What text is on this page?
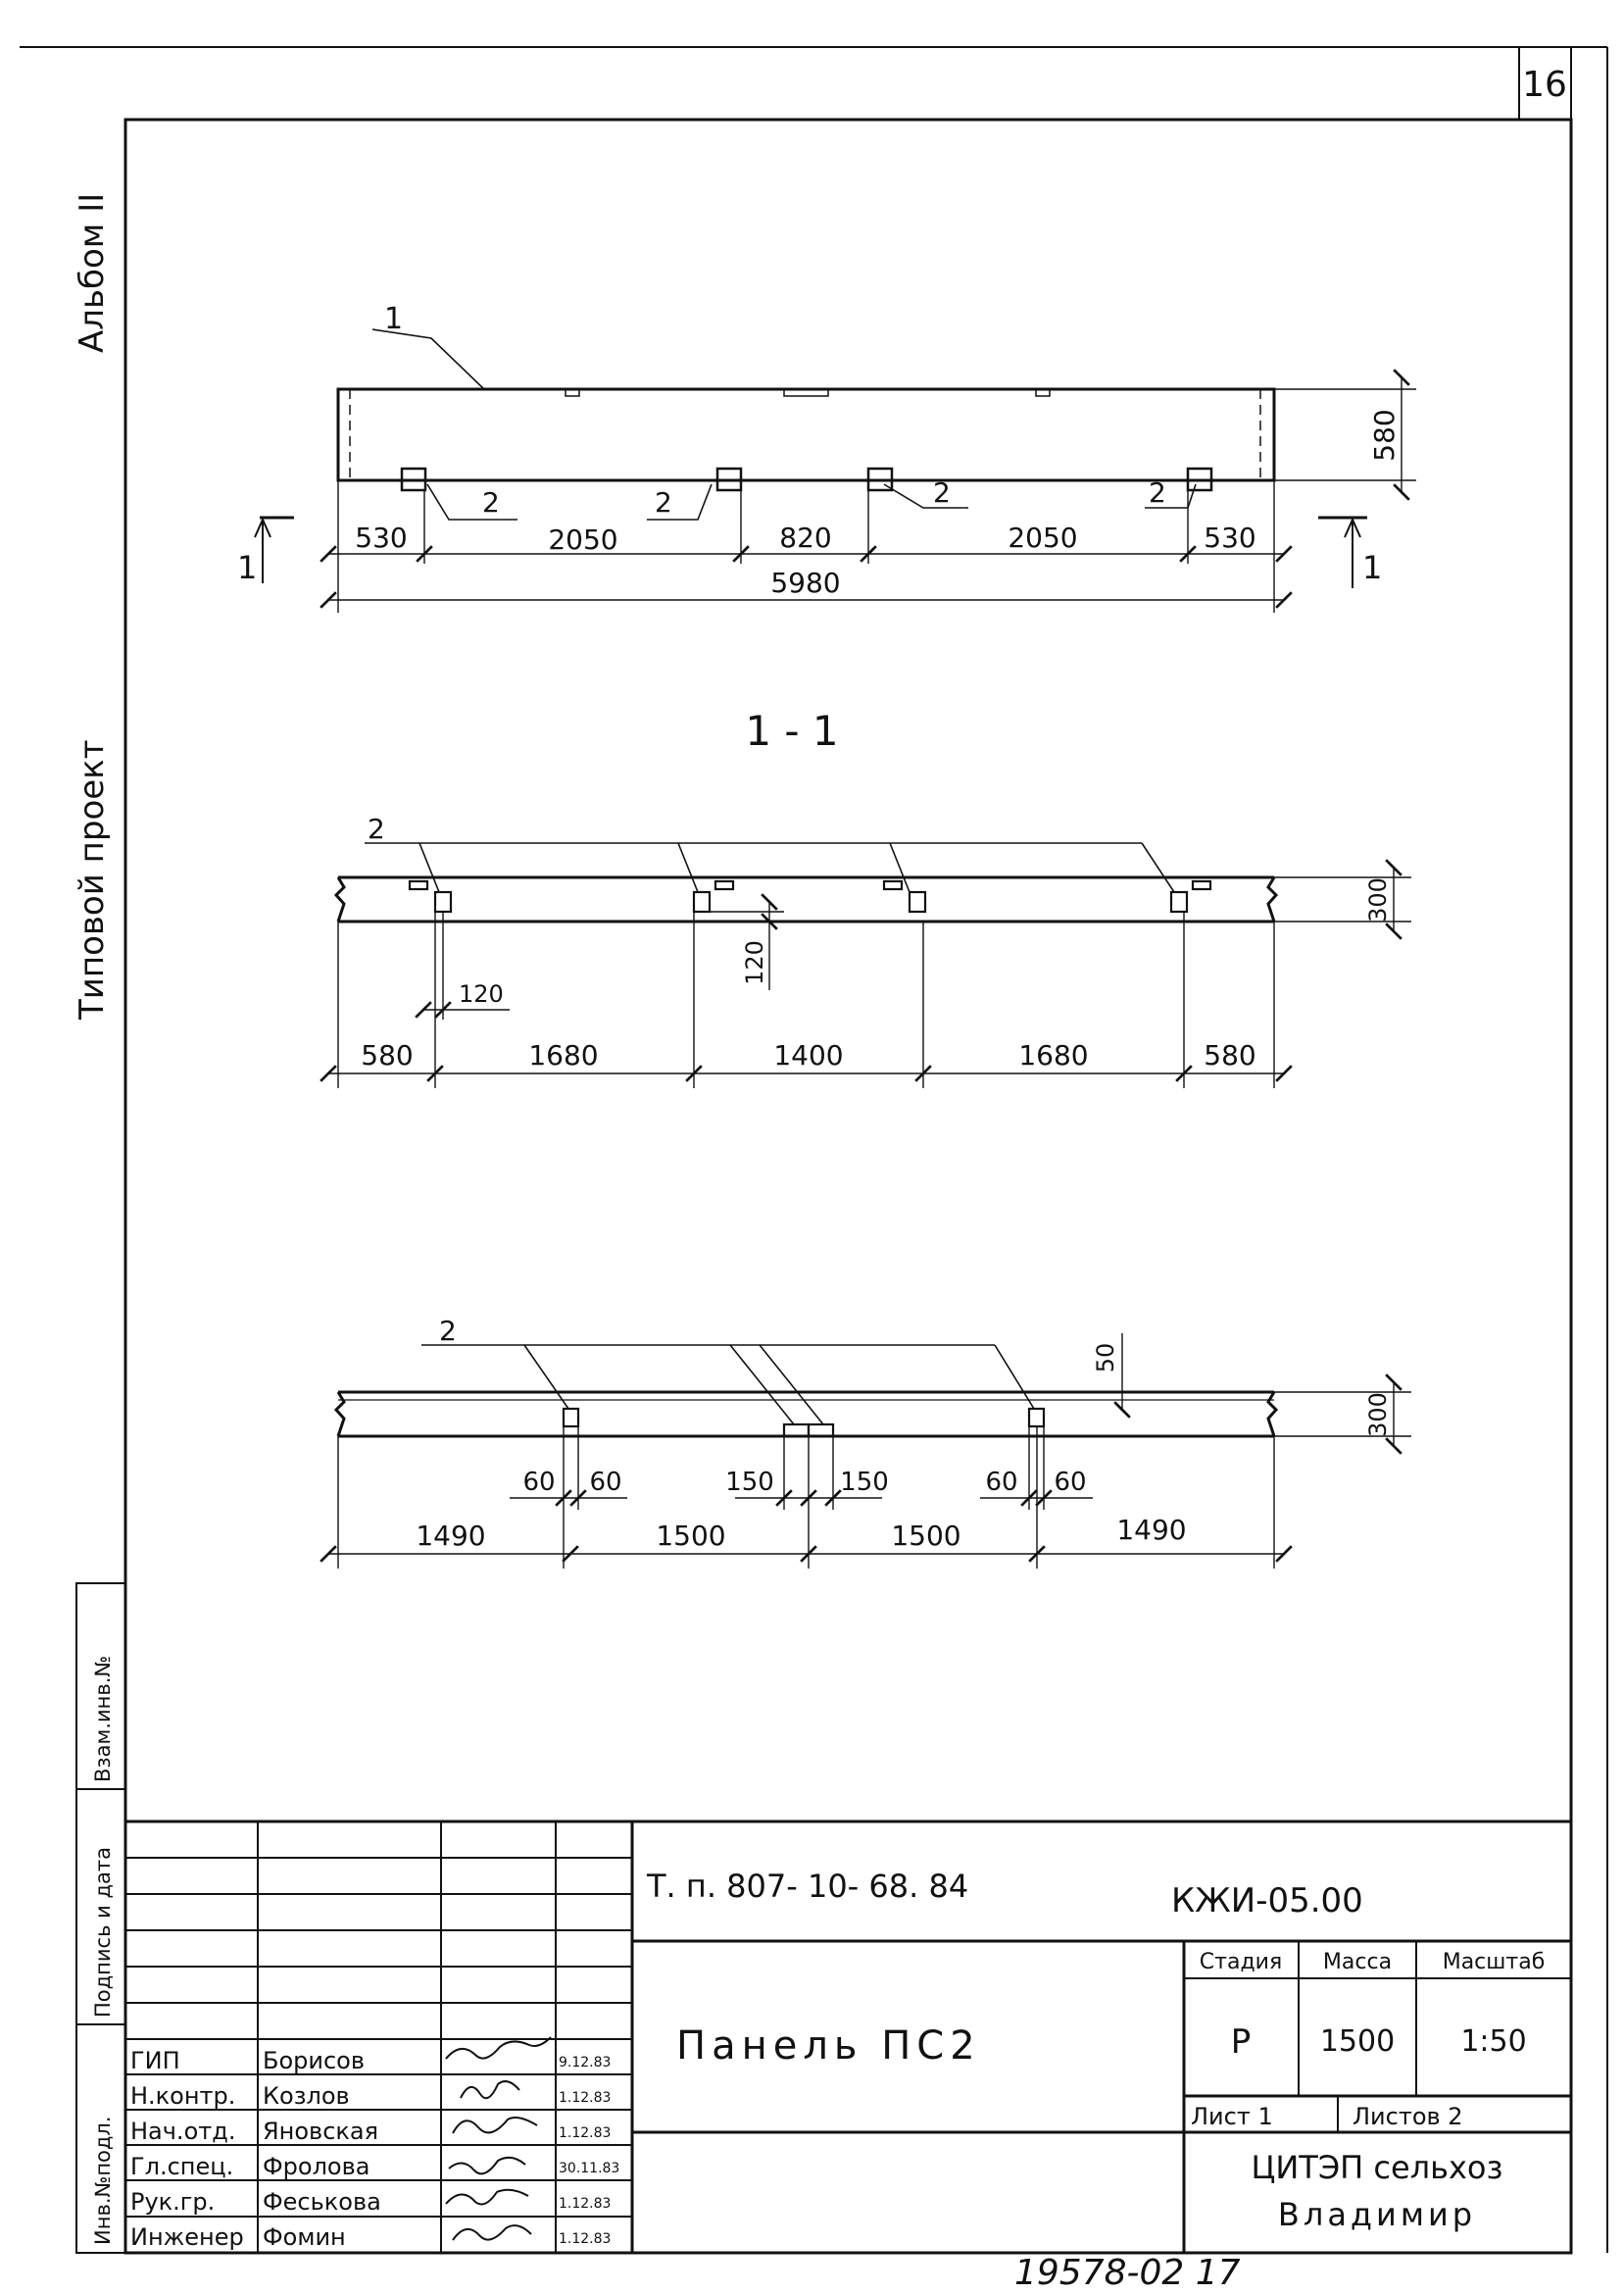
16
Альбом II
Типовой проект
Инв.№подл.
Подпись и дата
Взам.инв.№
1
2	2	2	2
530	2050	820	2050	530
5980
580
1	1
1 - 1
2
580	1680	1400	1680	580
120
120
300
2
50
300
60 60	150	150	60 60
1490	1500	1500	1490
Т. п. 807- 10- 68. 84	КЖИ-05.00
Панель ПС2
Стадия Масса Масштаб
Р 1500 1:50
Лист 1	Листов 2
ЦИТЭП сельхоз
Владимир
ГИП	Борисов	9.12.83
Н.контр. Козлов	1.12.83
Нач.отд. Яновская	1.12.83
Гл.спец. Фролова	30.11.83
Рук.гр. Феськова	1.12.83
Инженер Фомин	1.12.83
19578-02 17
